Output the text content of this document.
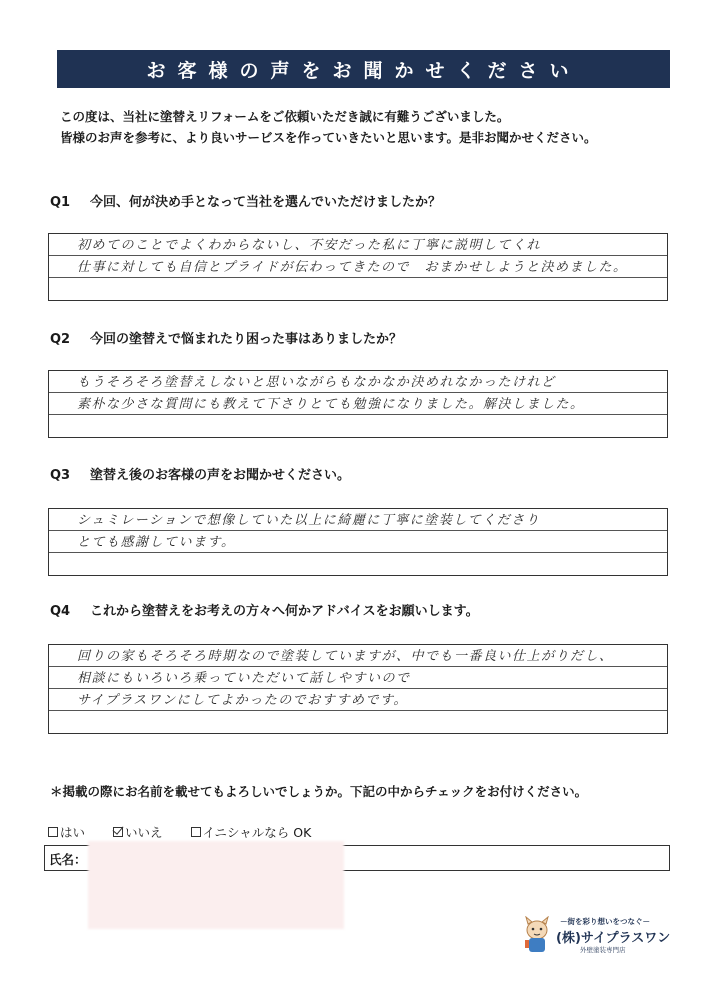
お客様の声をお聞かせください
この度は、当社に塗替えリフォームをご依頼いただき誠に有難うございました。
皆様のお声を参考に、より良いサービスを作っていきたいと思います。是非お聞かせください。
Q1 今回、何が決め手となって当社を選んでいただけましたか？
初めてのことでよくわからないし、不安だった私に丁寧に説明してくれ
仕事に対しても自信とプライドが伝わってきたので　おまかせしようと決めました。
Q2 今回の塗替えで悩まれたり困った事はありましたか？
もうそろそろ塗替えしないと思いながらもなかなか決めれなかったけれど
素朴な少さな質問にも教えて下さりとても勉強になりました。解決しました。
Q3 塗替え後のお客様の声をお聞かせください。
シュミレーションで想像していた以上に綺麗に丁寧に塗装してくださり
とても感謝しています。
Q4 これから塗替えをお考えの方々へ何かアドバイスをお願いします。
回りの家もそろそろ時期なので塗装していますが、中でも一番良い仕上がりだし、
相談にもいろいろ乗っていただいて話しやすいので
サイプラスワンにしてよかったのでおすすめです。
＊掲載の際にお名前を載せてもよろしいでしょうか。下記の中からチェックをお付けください。
はい	いいえ	イニシャルなら OK
氏名：
－街を彩り想いをつなぐ－
(株)サイプラスワン
外壁塗装専門店
